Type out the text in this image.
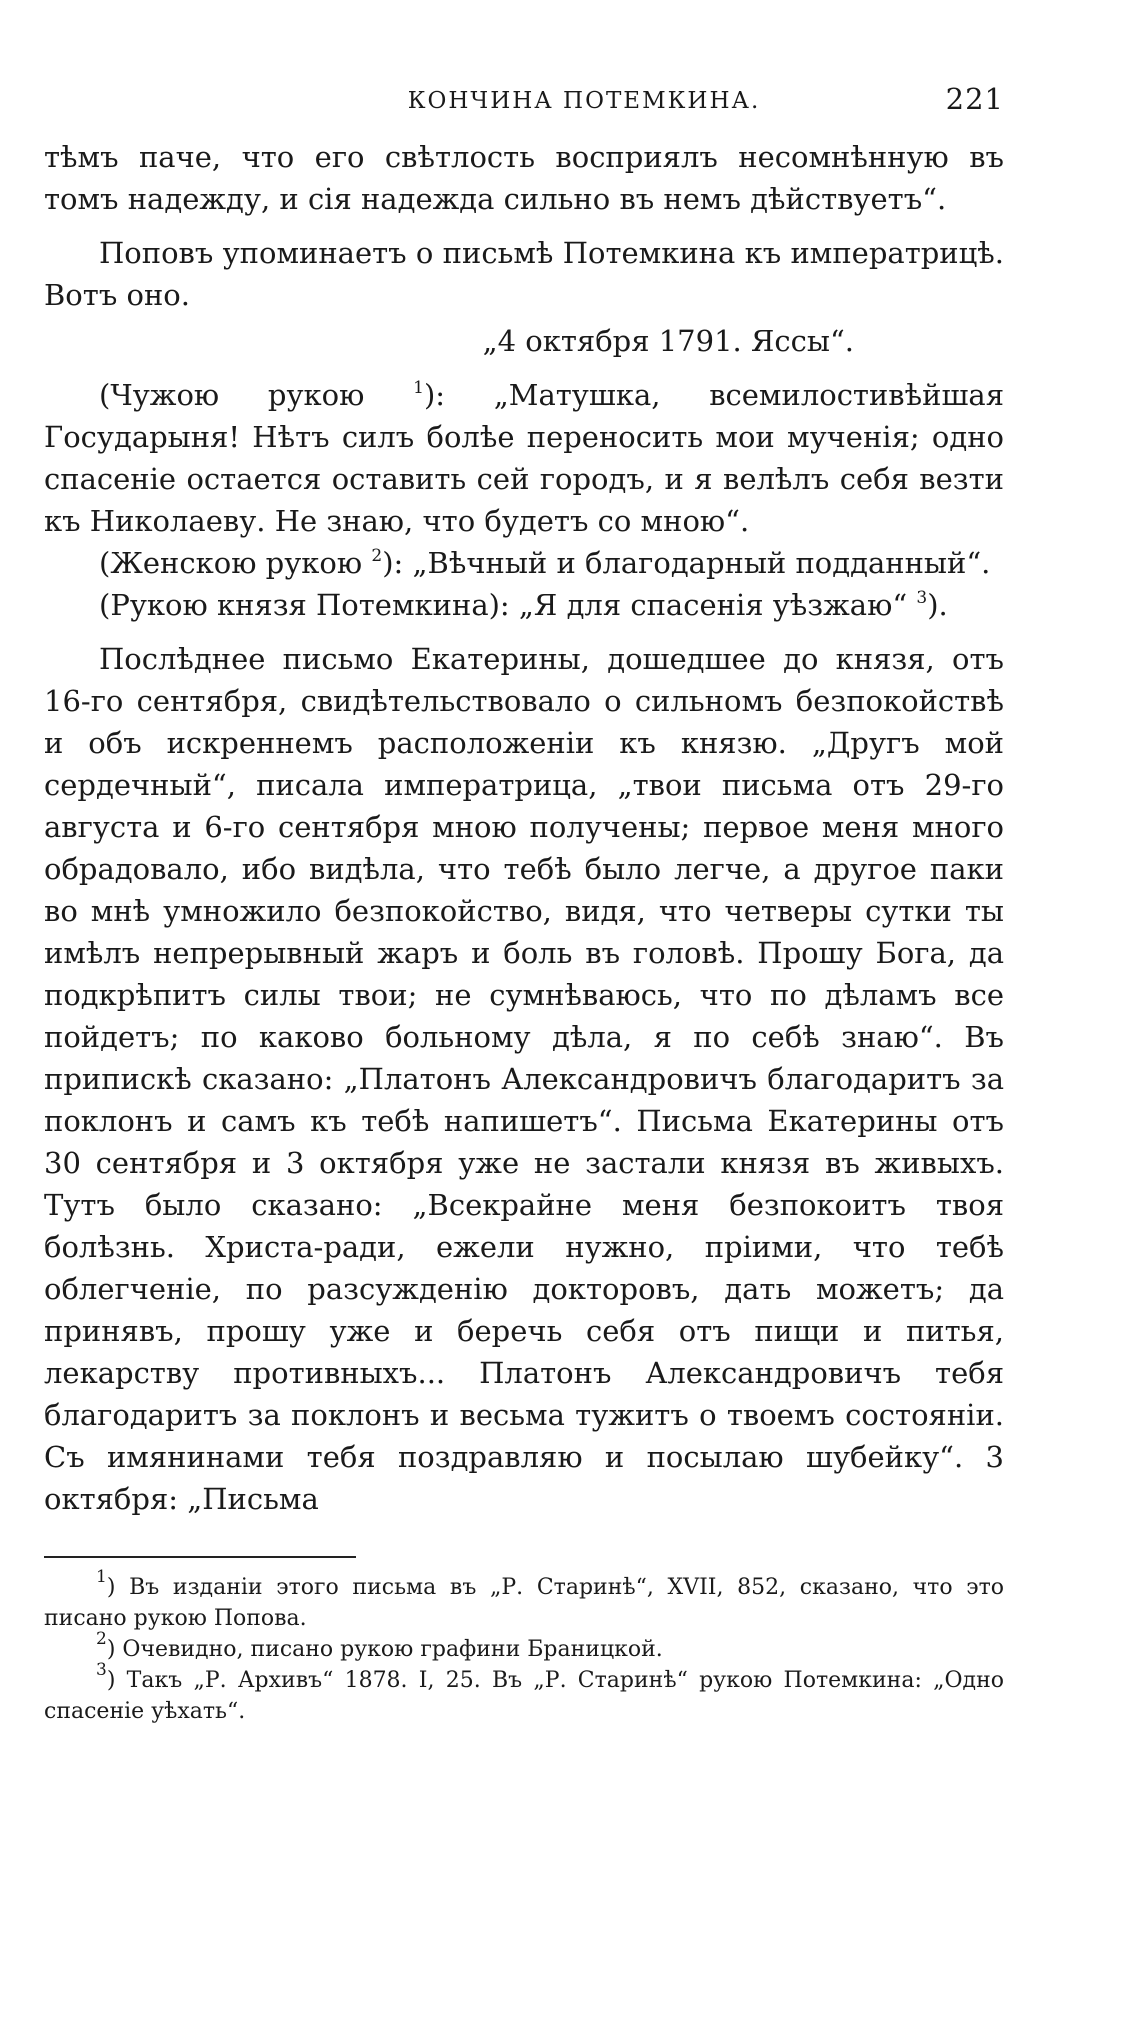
КОНЧИНА ПОТЕМКИНА.	221

тѣмъ паче, что его свѣтлость восприялъ несомнѣнную въ томъ надежду, и сія надежда сильно въ немъ дѣйствуетъ“.

Поповъ упоминаетъ о письмѣ Потемкина къ императрицѣ. Вотъ оно.

„4 октября 1791. Яссы“.

(Чужою рукою $^1$): „Матушка, всемилостивѣйшая Государыня! Нѣтъ силъ болѣе переносить мои мученія; одно спасеніе остается оставить сей городъ, и я велѣлъ себя везти къ Николаеву. Не знаю, что будетъ со мною“.

(Женскою рукою $^2$): „Вѣчный и благодарный подданный“.

(Рукою князя Потемкина): „Я для спасенія уѣзжаю“ $^3$).

Послѣднее письмо Екатерины, дошедшее до князя, отъ 16-го сентября, свидѣтельствовало о сильномъ безпокойствѣ и объ искреннемъ расположеніи къ князю. „Другъ мой сердечный“, писала императрица, „твои письма отъ 29-го августа и 6-го сентября мною получены; первое меня много обрадовало, ибо видѣла, что тебѣ было легче, а другое паки во мнѣ умножило безпокойство, видя, что четверы сутки ты имѣлъ непрерывный жаръ и боль въ головѣ. Прошу Бога, да подкрѣпитъ силы твои; не сумнѣваюсь, что по дѣламъ все пойдетъ; по каково больному дѣла, я по себѣ знаю“. Въ припискѣ сказано: „Платонъ Александровичъ благодаритъ за поклонъ и самъ къ тебѣ напишетъ“. Письма Екатерины отъ 30 сентября и 3 октября уже не застали князя въ живыхъ. Тутъ было сказано: „Всекрайне меня безпокоитъ твоя болѣзнь. Христа-ради, ежели нужно, пріими, что тебѣ облегченіе, по разсужденію докторовъ, дать можетъ; да принявъ, прошу уже и беречь себя отъ пищи и питья, лекарству противныхъ... Платонъ Александровичъ тебя благодаритъ за поклонъ и весьма тужитъ о твоемъ состояніи. Съ имянинами тебя поздравляю и посылаю шубейку“. 3 октября: „Письма

$^1$) Въ изданіи этого письма въ „Р. Старинѣ“, XVII, 852, сказано, что это писано рукою Попова.

$^2$) Очевидно, писано рукою графини Браницкой.

$^3$) Такъ „Р. Архивъ“ 1878. I, 25. Въ „Р. Старинѣ“ рукою Потемкина: „Одно спасеніе уѣхать“.
